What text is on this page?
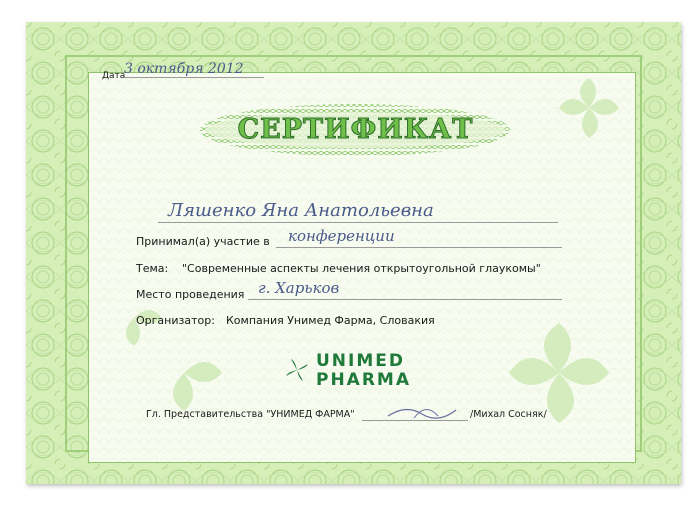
Дата
3 октября 2012
СЕРТИФИКАТ
Ляшенко Яна Анатольевна
Принимал(а) участие в конференции
Тема: "Современные аспекты лечения открытоугольной глаукомы"
Место проведения г. Харьков
Организатор: Компания Унимед Фарма, Словакия
UNIMED
PHARMA
Гл. Представительства "УНИМЕД ФАРМА"	/Михал Сосняк/
